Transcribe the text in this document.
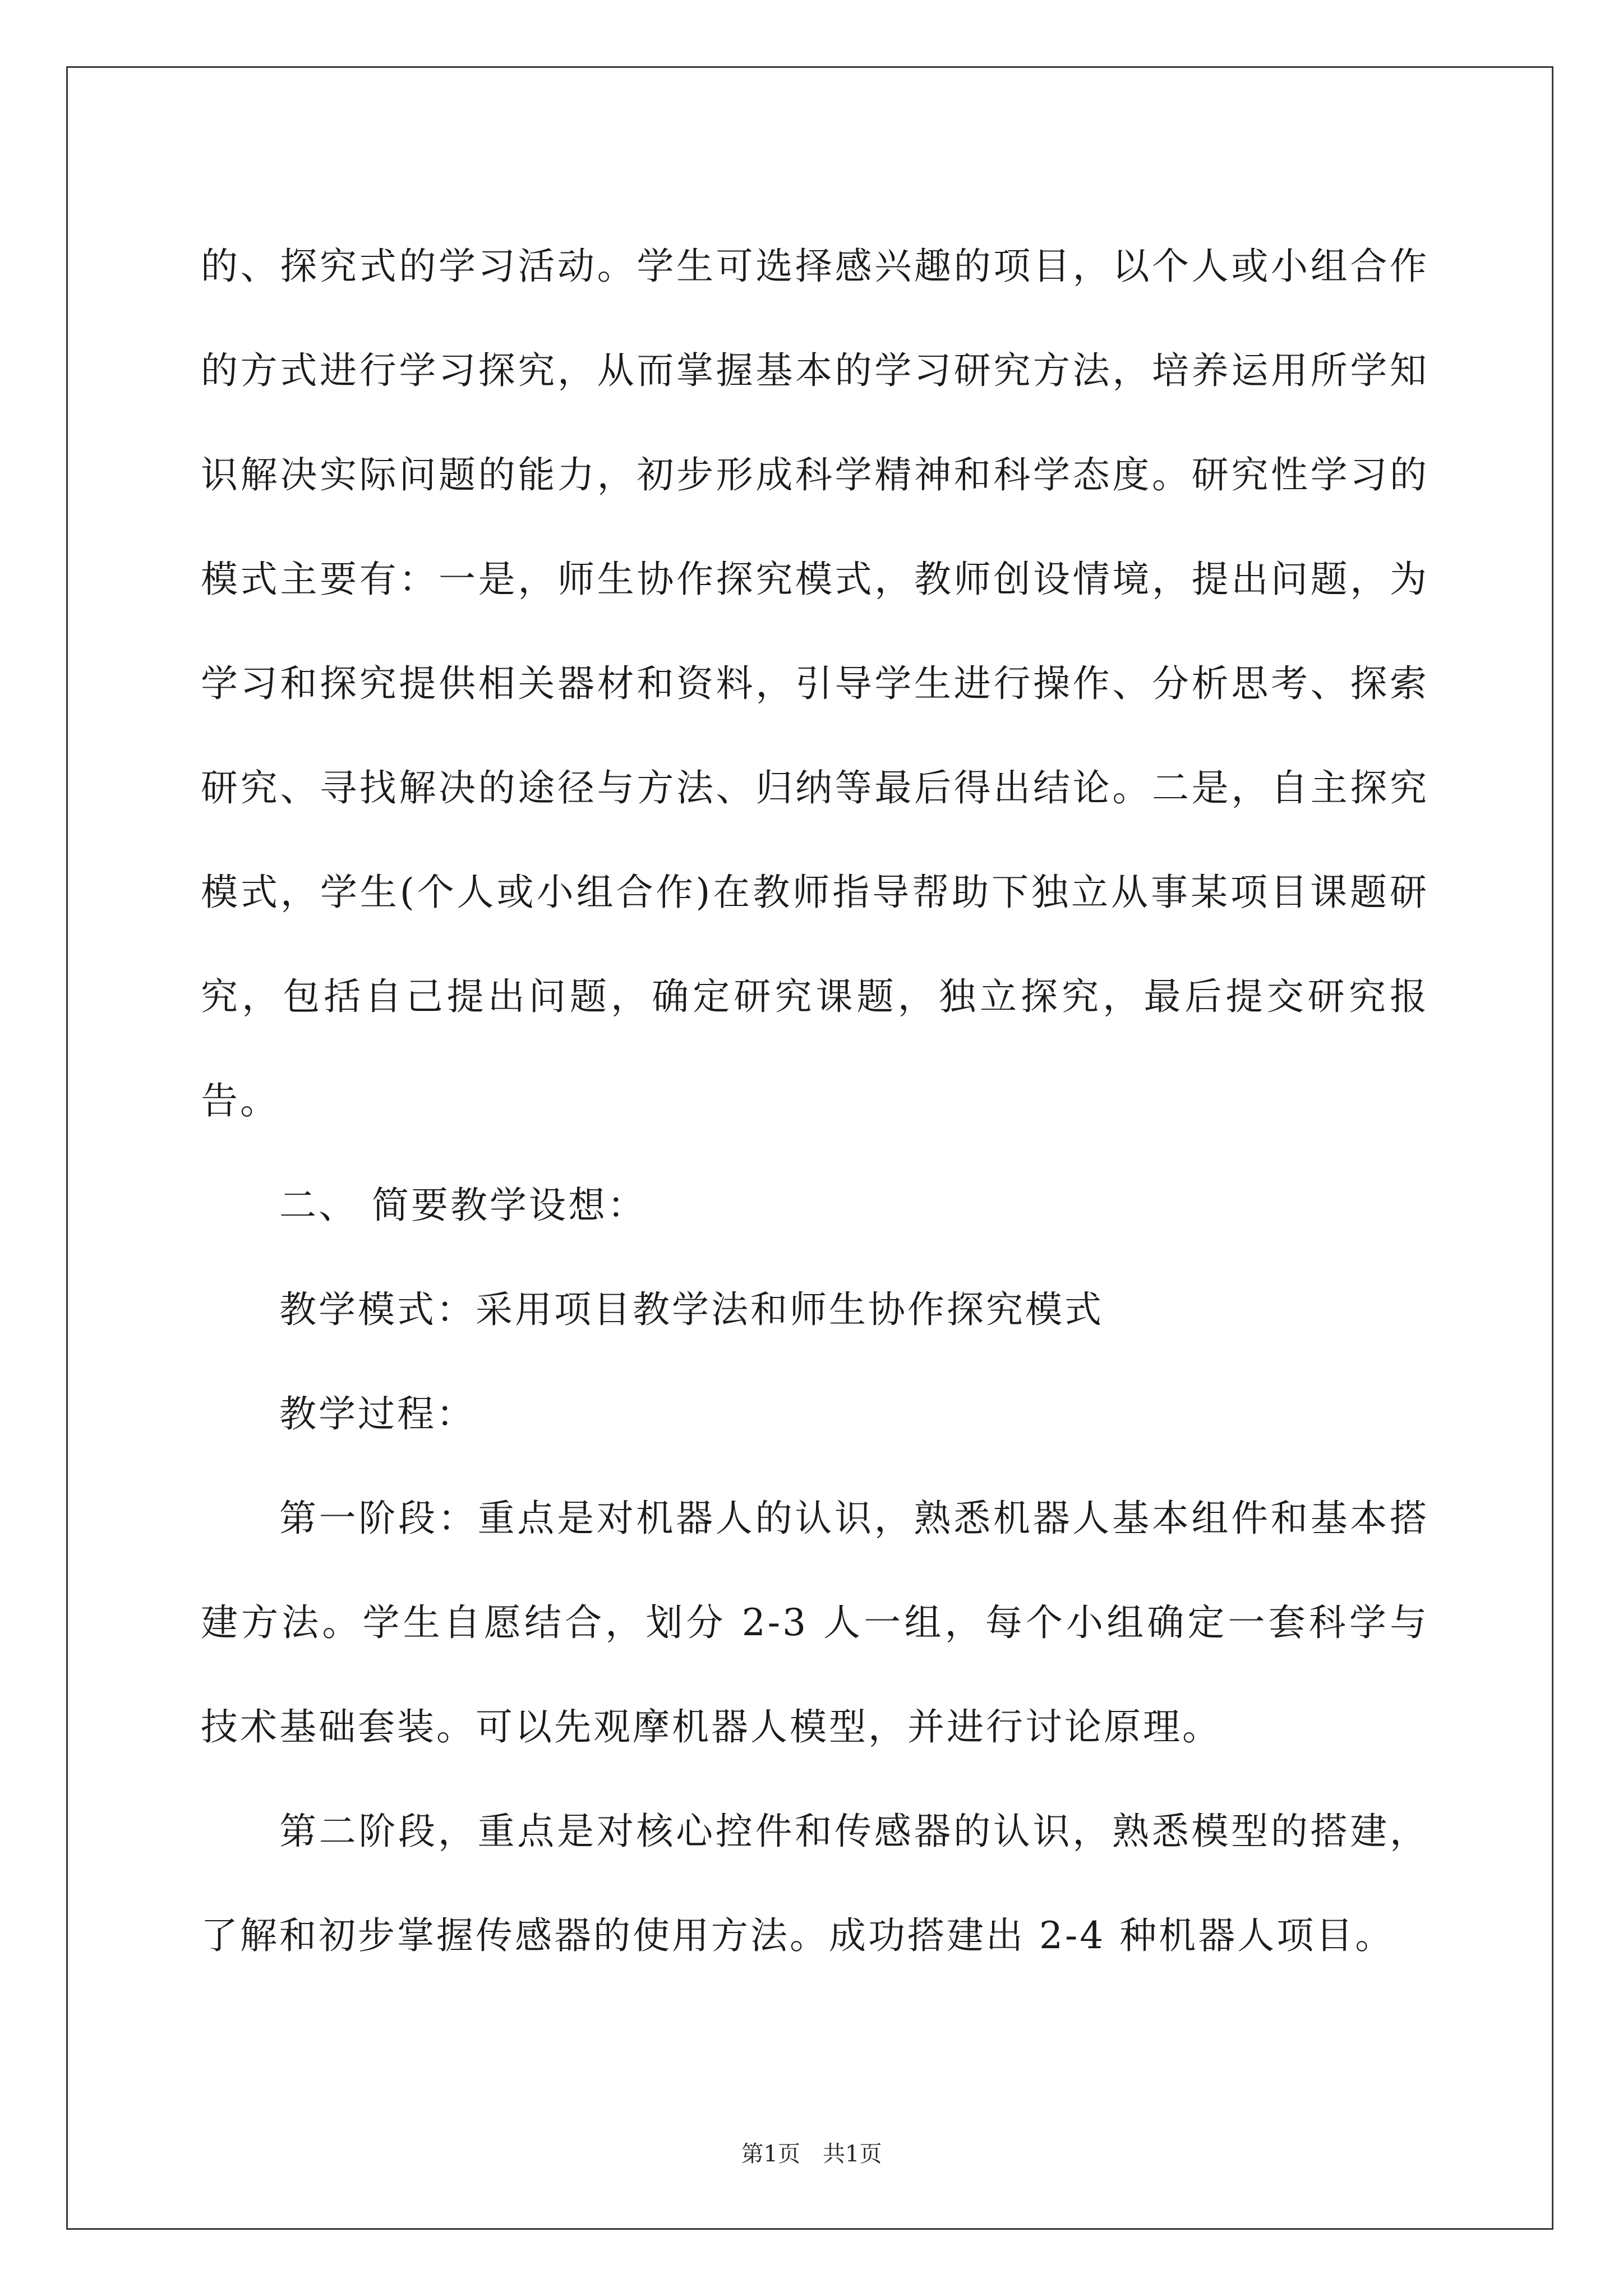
的、探究式的学习活动。学生可选择感兴趣的项目，以个人或小组合作的方式进行学习探究，从而掌握基本的学习研究方法，培养运用所学知识解决实际问题的能力，初步形成科学精神和科学态度。研究性学习的模式主要有：一是，师生协作探究模式，教师创设情境，提出问题，为学习和探究提供相关器材和资料，引导学生进行操作、分析思考、探索研究、寻找解决的途径与方法、归纳等最后得出结论。二是，自主探究模式，学生(个人或小组合作)在教师指导帮助下独立从事某项目课题研究，包括自己提出问题，确定研究课题，独立探究，最后提交研究报告。

二、 简要教学设想：

教学模式：采用项目教学法和师生协作探究模式

教学过程：

第一阶段：重点是对机器人的认识，熟悉机器人基本组件和基本搭建方法。学生自愿结合，划分 2-3 人一组，每个小组确定一套科学与技术基础套装。可以先观摩机器人模型，并进行讨论原理。

第二阶段，重点是对核心控件和传感器的认识，熟悉模型的搭建，了解和初步掌握传感器的使用方法。成功搭建出 2-4 种机器人项目。

第1页　共1页
